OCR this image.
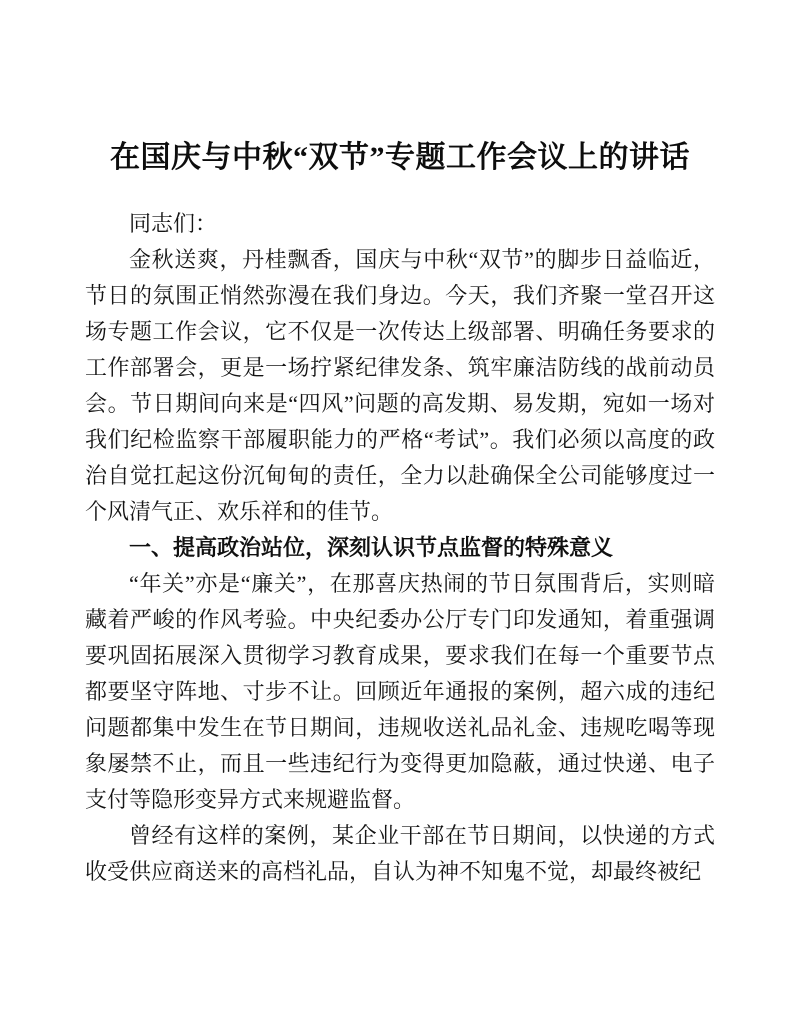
在国庆与中秋“双节”专题工作会议上的讲话

同志们：

金秋送爽，丹桂飘香，国庆与中秋“双节”的脚步日益临近，节日的氛围正悄然弥漫在我们身边。今天，我们齐聚一堂召开这场专题工作会议，它不仅是一次传达上级部署、明确任务要求的工作部署会，更是一场拧紧纪律发条、筑牢廉洁防线的战前动员会。节日期间向来是“四风”问题的高发期、易发期，宛如一场对我们纪检监察干部履职能力的严格“考试”。我们必须以高度的政治自觉扛起这份沉甸甸的责任，全力以赴确保全公司能够度过一个风清气正、欢乐祥和的佳节。

一、提高政治站位，深刻认识节点监督的特殊意义

“年关”亦是“廉关”，在那喜庆热闹的节日氛围背后，实则暗藏着严峻的作风考验。中央纪委办公厅专门印发通知，着重强调要巩固拓展深入贯彻学习教育成果，要求我们在每一个重要节点都要坚守阵地、寸步不让。回顾近年通报的案例，超六成的违纪问题都集中发生在节日期间，违规收送礼品礼金、违规吃喝等现象屡禁不止，而且一些违纪行为变得更加隐蔽，通过快递、电子支付等隐形变异方式来规避监督。

曾经有这样的案例，某企业干部在节日期间，以快递的方式收受供应商送来的高档礼品，自认为神不知鬼不觉，却最终被纪
